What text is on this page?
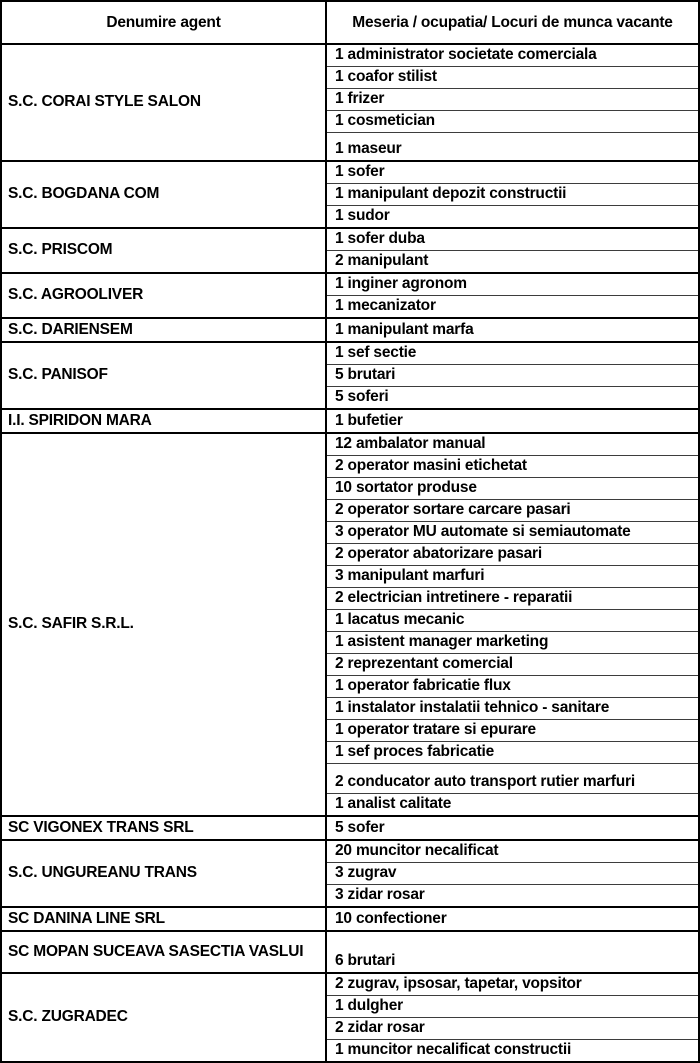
Denumire agent	Meseria / ocupatia/ Locuri de munca vacante
S.C. CORAI STYLE SALON	1 administrator societate comerciala
	1 coafor stilist
	1 frizer
	1 cosmetician
	1 maseur
S.C. BOGDANA COM	1 sofer
	1 manipulant depozit constructii
	1 sudor
S.C. PRISCOM	1 sofer duba
	2 manipulant
S.C. AGROOLIVER	1 inginer agronom
	1 mecanizator
S.C. DARIENSEM	1 manipulant marfa
S.C. PANISOF	1 sef sectie
	5 brutari
	5 soferi
I.I. SPIRIDON MARA	1 bufetier
S.C. SAFIR S.R.L.	12 ambalator manual
	2 operator masini etichetat
	10 sortator produse
	2 operator sortare carcare pasari
	3 operator MU automate si semiautomate
	2 operator abatorizare pasari
	3 manipulant marfuri
	2 electrician intretinere - reparatii
	1 lacatus mecanic
	1 asistent manager marketing
	2 reprezentant comercial
	1 operator fabricatie flux
	1 instalator instalatii tehnico - sanitare
	1 operator tratare si epurare
	1 sef proces fabricatie
	2 conducator auto transport rutier marfuri
	1 analist calitate
SC VIGONEX TRANS SRL	5 sofer
S.C. UNGUREANU TRANS	20 muncitor necalificat
	3 zugrav
	3 zidar rosar
SC DANINA LINE SRL	10 confectioner
SC MOPAN SUCEAVA SASECTIA VASLUI	6 brutari
S.C. ZUGRADEC	2 zugrav, ipsosar, tapetar, vopsitor
	1 dulgher
	2 zidar rosar
	1 muncitor necalificat constructii
